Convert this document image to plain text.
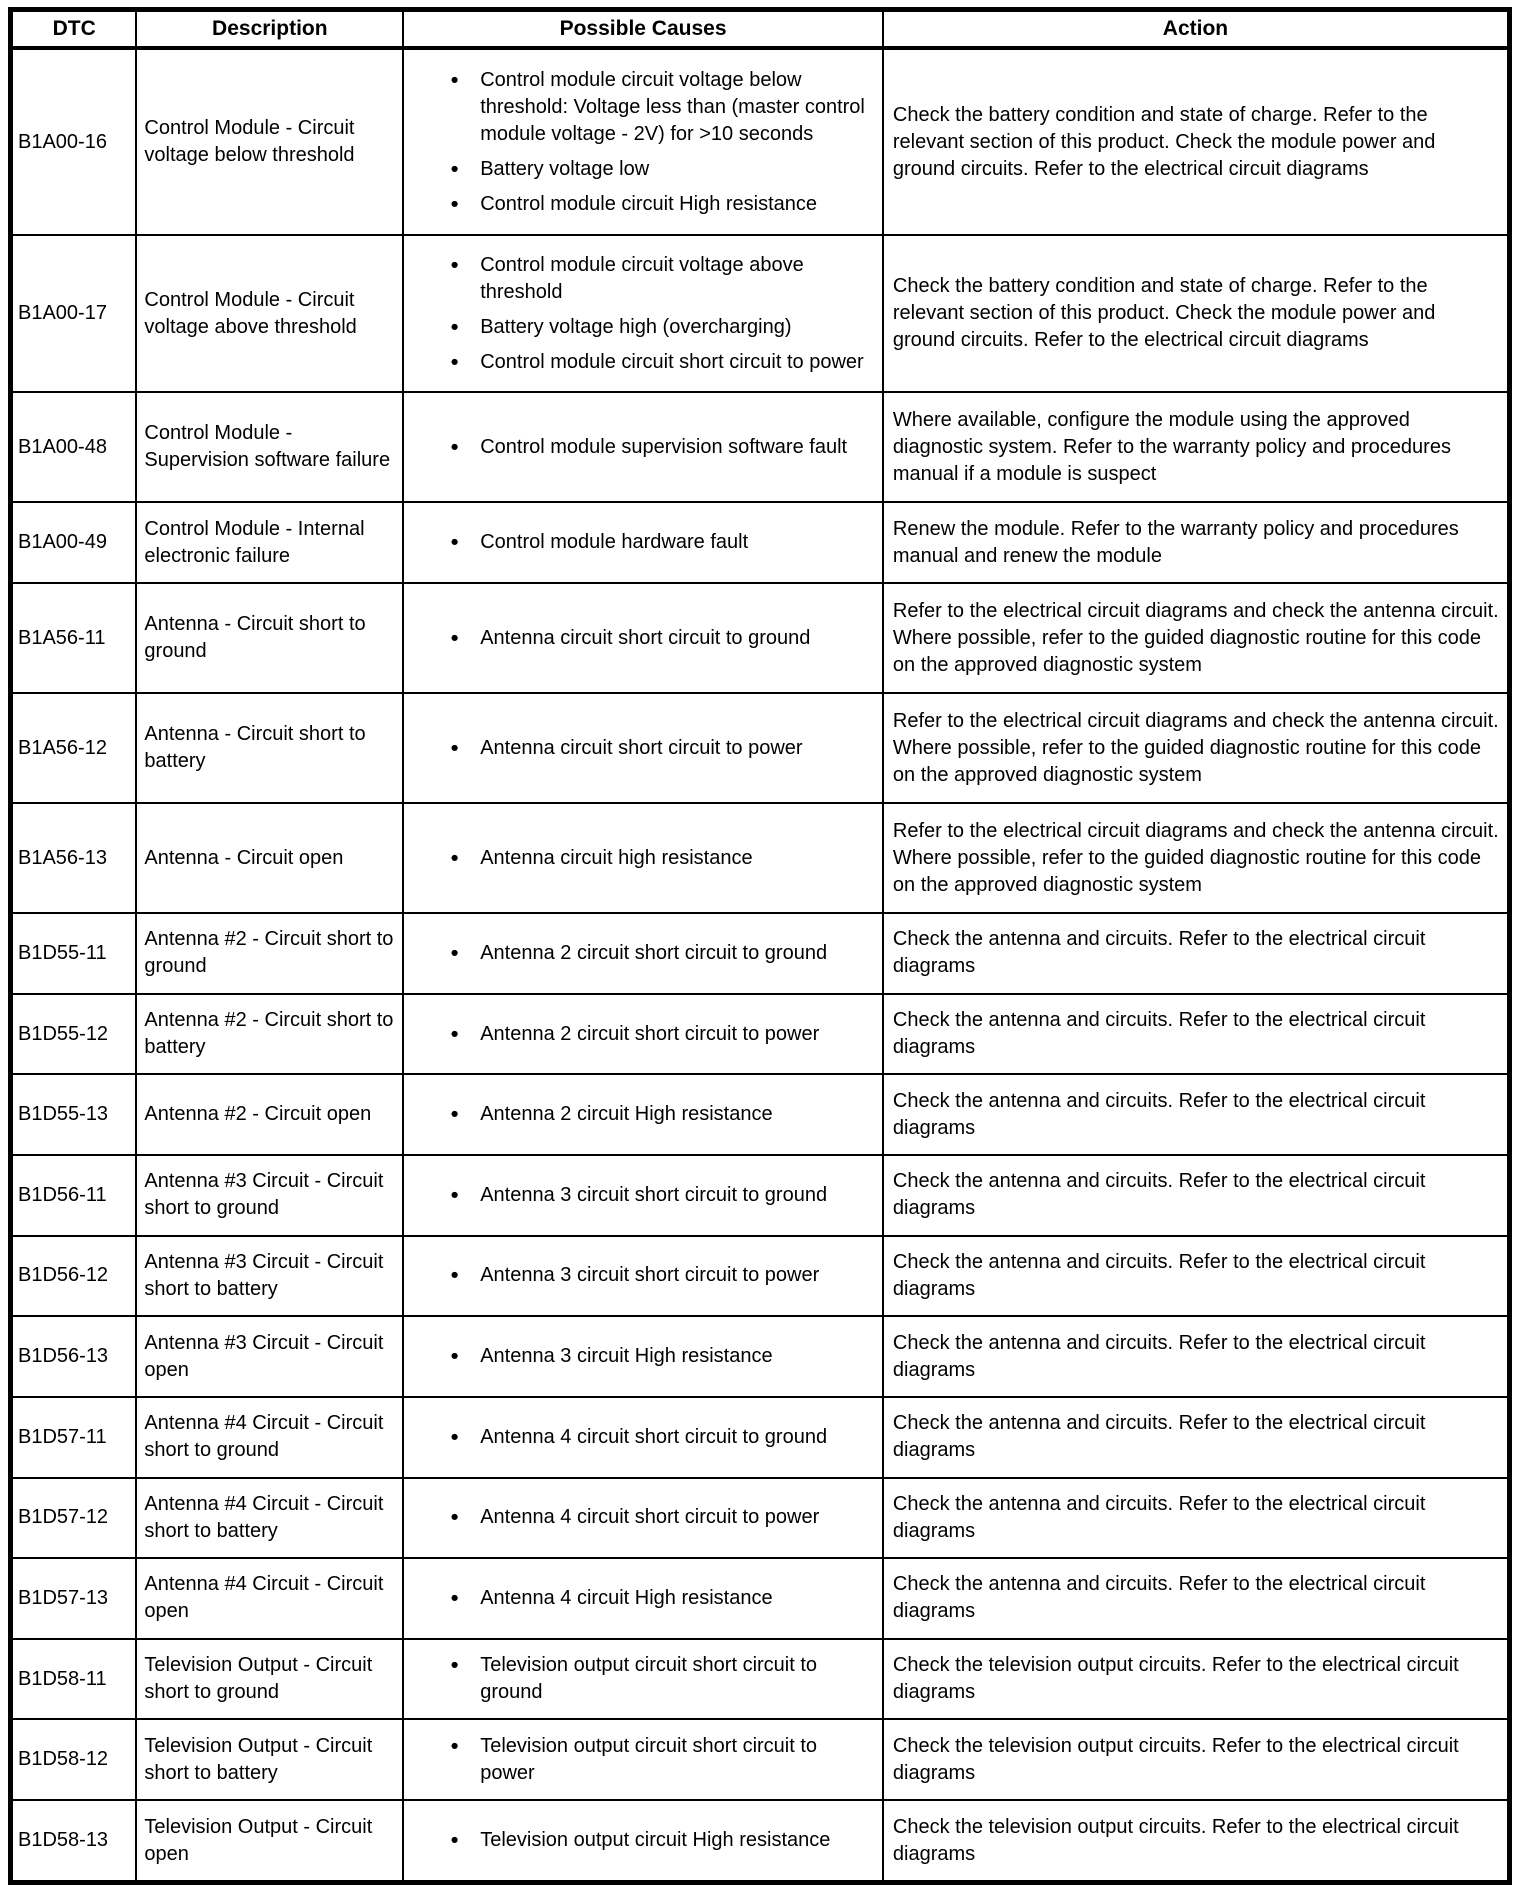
DTC	Description	Possible Causes	Action
B1A00-16	Control Module - Circuit voltage below threshold	
● Control module circuit voltage below threshold: Voltage less than (master control module voltage - 2V) for >10 seconds
● Battery voltage low
● Control module circuit High resistance
	Check the battery condition and state of charge. Refer to the relevant section of this product. Check the module power and ground circuits. Refer to the electrical circuit diagrams
B1A00-17	Control Module - Circuit voltage above threshold	
● Control module circuit voltage above threshold
● Battery voltage high (overcharging)
● Control module circuit short circuit to power
	Check the battery condition and state of charge. Refer to the relevant section of this product. Check the module power and ground circuits. Refer to the electrical circuit diagrams
B1A00-48	Control Module - Supervision software failure	
● Control module supervision software fault
	Where available, configure the module using the approved diagnostic system. Refer to the warranty policy and procedures manual if a module is suspect
B1A00-49	Control Module - Internal electronic failure	
● Control module hardware fault
	Renew the module. Refer to the warranty policy and procedures manual and renew the module
B1A56-11	Antenna - Circuit short to ground	
● Antenna circuit short circuit to ground
	Refer to the electrical circuit diagrams and check the antenna circuit. Where possible, refer to the guided diagnostic routine for this code on the approved diagnostic system
B1A56-12	Antenna - Circuit short to battery	
● Antenna circuit short circuit to power
	Refer to the electrical circuit diagrams and check the antenna circuit. Where possible, refer to the guided diagnostic routine for this code on the approved diagnostic system
B1A56-13	Antenna - Circuit open	
●Antenna circuit high resistance
	Refer to the electrical circuit diagrams and check the antenna circuit. Where possible, refer to the guided diagnostic routine for this code on the approved diagnostic system
B1D55-11	Antenna #2 - Circuit short to ground	
● Antenna 2 circuit short circuit to ground
	Check the antenna and circuits. Refer to the electrical circuit diagrams
B1D55-12	Antenna #2 - Circuit short to battery	
● Antenna 2 circuit short circuit to power
	Check the antenna and circuits. Refer to the electrical circuit diagrams
B1D55-13	Antenna #2 - Circuit open	
●Antenna 2 circuit High resistance
	Check the antenna and circuits. Refer to the electrical circuit diagrams
B1D56-11	Antenna #3 Circuit - Circuit short to ground	
● Antenna 3 circuit short circuit to ground
	Check the antenna and circuits. Refer to the electrical circuit diagrams
B1D56-12	Antenna #3 Circuit - Circuit short to battery	
● Antenna 3 circuit short circuit to power
	Check the antenna and circuits. Refer to the electrical circuit diagrams
B1D56-13	Antenna #3 Circuit - Circuit open	
● Antenna 3 circuit High resistance
	Check the antenna and circuits. Refer to the electrical circuit diagrams
B1D57-11	Antenna #4 Circuit - Circuit short to ground	
● Antenna 4 circuit short circuit to ground
	Check the antenna and circuits. Refer to the electrical circuit diagrams
B1D57-12	Antenna #4 Circuit - Circuit short to battery	
● Antenna 4 circuit short circuit to power
	Check the antenna and circuits. Refer to the electrical circuit diagrams
B1D57-13	Antenna #4 Circuit - Circuit open	
● Antenna 4 circuit High resistance
	Check the antenna and circuits. Refer to the electrical circuit diagrams
B1D58-11	Television Output - Circuit short to ground	
● Television output circuit short circuit to ground
	Check the television output circuits. Refer to the electrical circuit diagrams
B1D58-12	Television Output - Circuit short to battery	
● Television output circuit short circuit to power
	Check the television output circuits. Refer to the electrical circuit diagrams
B1D58-13	Television Output - Circuit open	
● Television output circuit High resistance
	Check the television output circuits. Refer to the electrical circuit diagrams
